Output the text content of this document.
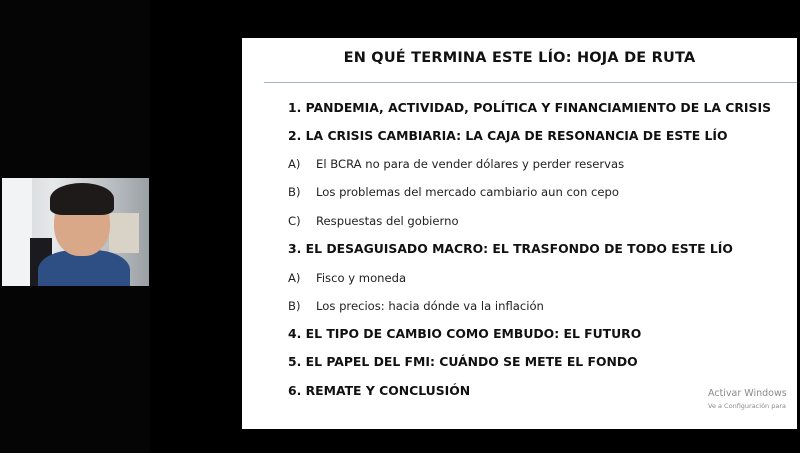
EN QUÉ TERMINA ESTE LÍO: HOJA DE RUTA
1. PANDEMIA, ACTIVIDAD, POLÍTICA Y FINANCIAMIENTO DE LA CRISIS
2. LA CRISIS CAMBIARIA: LA CAJA DE RESONANCIA DE ESTE LÍO
A) El BCRA no para de vender dólares y perder reservas
B) Los problemas del mercado cambiario aun con cepo
C) Respuestas del gobierno
3. EL DESAGUISADO MACRO: EL TRASFONDO DE TODO ESTE LÍO
A) Fisco y moneda
B) Los precios: hacia dónde va la inflación
4. EL TIPO DE CAMBIO COMO EMBUDO: EL FUTURO
5. EL PAPEL DEL FMI: CUÁNDO SE METE EL FONDO
6. REMATE Y CONCLUSIÓN	Activar Windows
Ve a Configuración para
